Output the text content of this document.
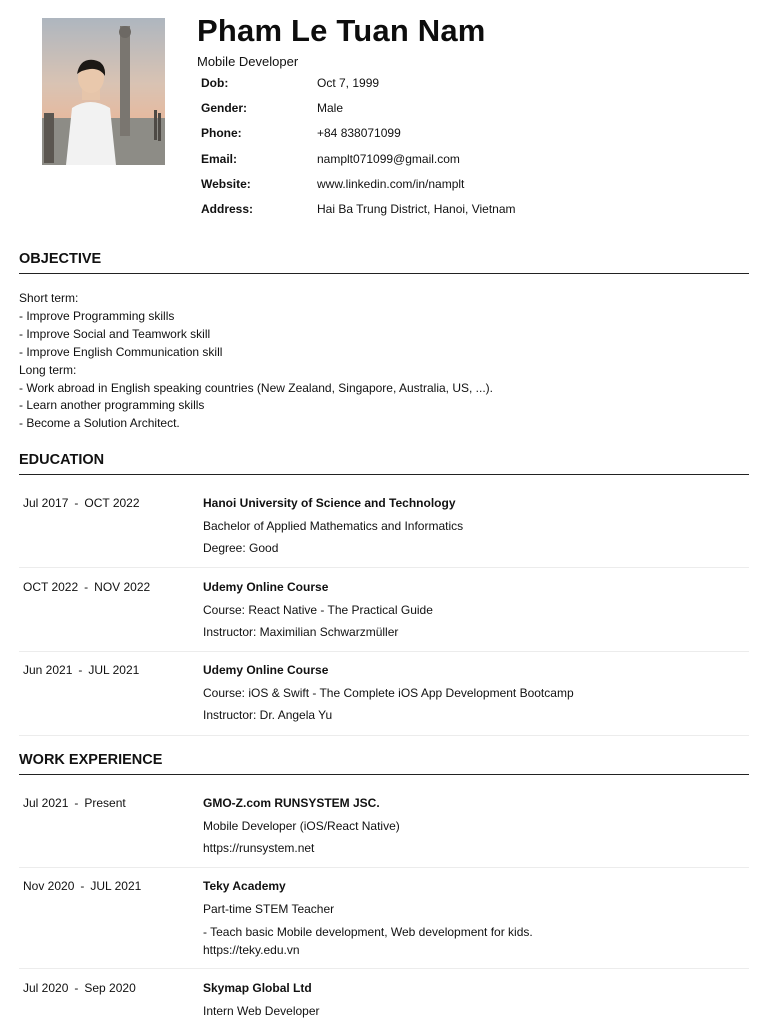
Pham Le Tuan Nam
Mobile Developer
Dob:	Oct 7, 1999
Gender:	Male
Phone:	+84 838071099
Email:	namplt071099@gmail.com
Website:	www.linkedin.com/in/namplt
Address:	Hai Ba Trung District, Hanoi, Vietnam
OBJECTIVE
Short term:
- Improve Programming skills
- Improve Social and Teamwork skill
- Improve English Communication skill
Long term:
- Work abroad in English speaking countries (New Zealand, Singapore, Australia, US, ...).
- Learn another programming skills
- Become a Solution Architect.
EDUCATION
Jul 2017 - OCT 2022	Hanoi University of Science and Technology
Bachelor of Applied Mathematics and Informatics
Degree: Good
OCT 2022 - NOV 2022	Udemy Online Course
Course: React Native - The Practical Guide
Instructor: Maximilian Schwarzmüller
Jun 2021 - JUL 2021	Udemy Online Course
Course: iOS & Swift - The Complete iOS App Development Bootcamp
Instructor: Dr. Angela Yu
WORK EXPERIENCE
Jul 2021 - Present	GMO-Z.com RUNSYSTEM JSC.
Mobile Developer (iOS/React Native)
https://runsystem.net
Nov 2020 - JUL 2021	Teky Academy
Part-time STEM Teacher
- Teach basic Mobile development, Web development for kids.
https://teky.edu.vn
Jul 2020 - Sep 2020	Skymap Global Ltd
Intern Web Developer
